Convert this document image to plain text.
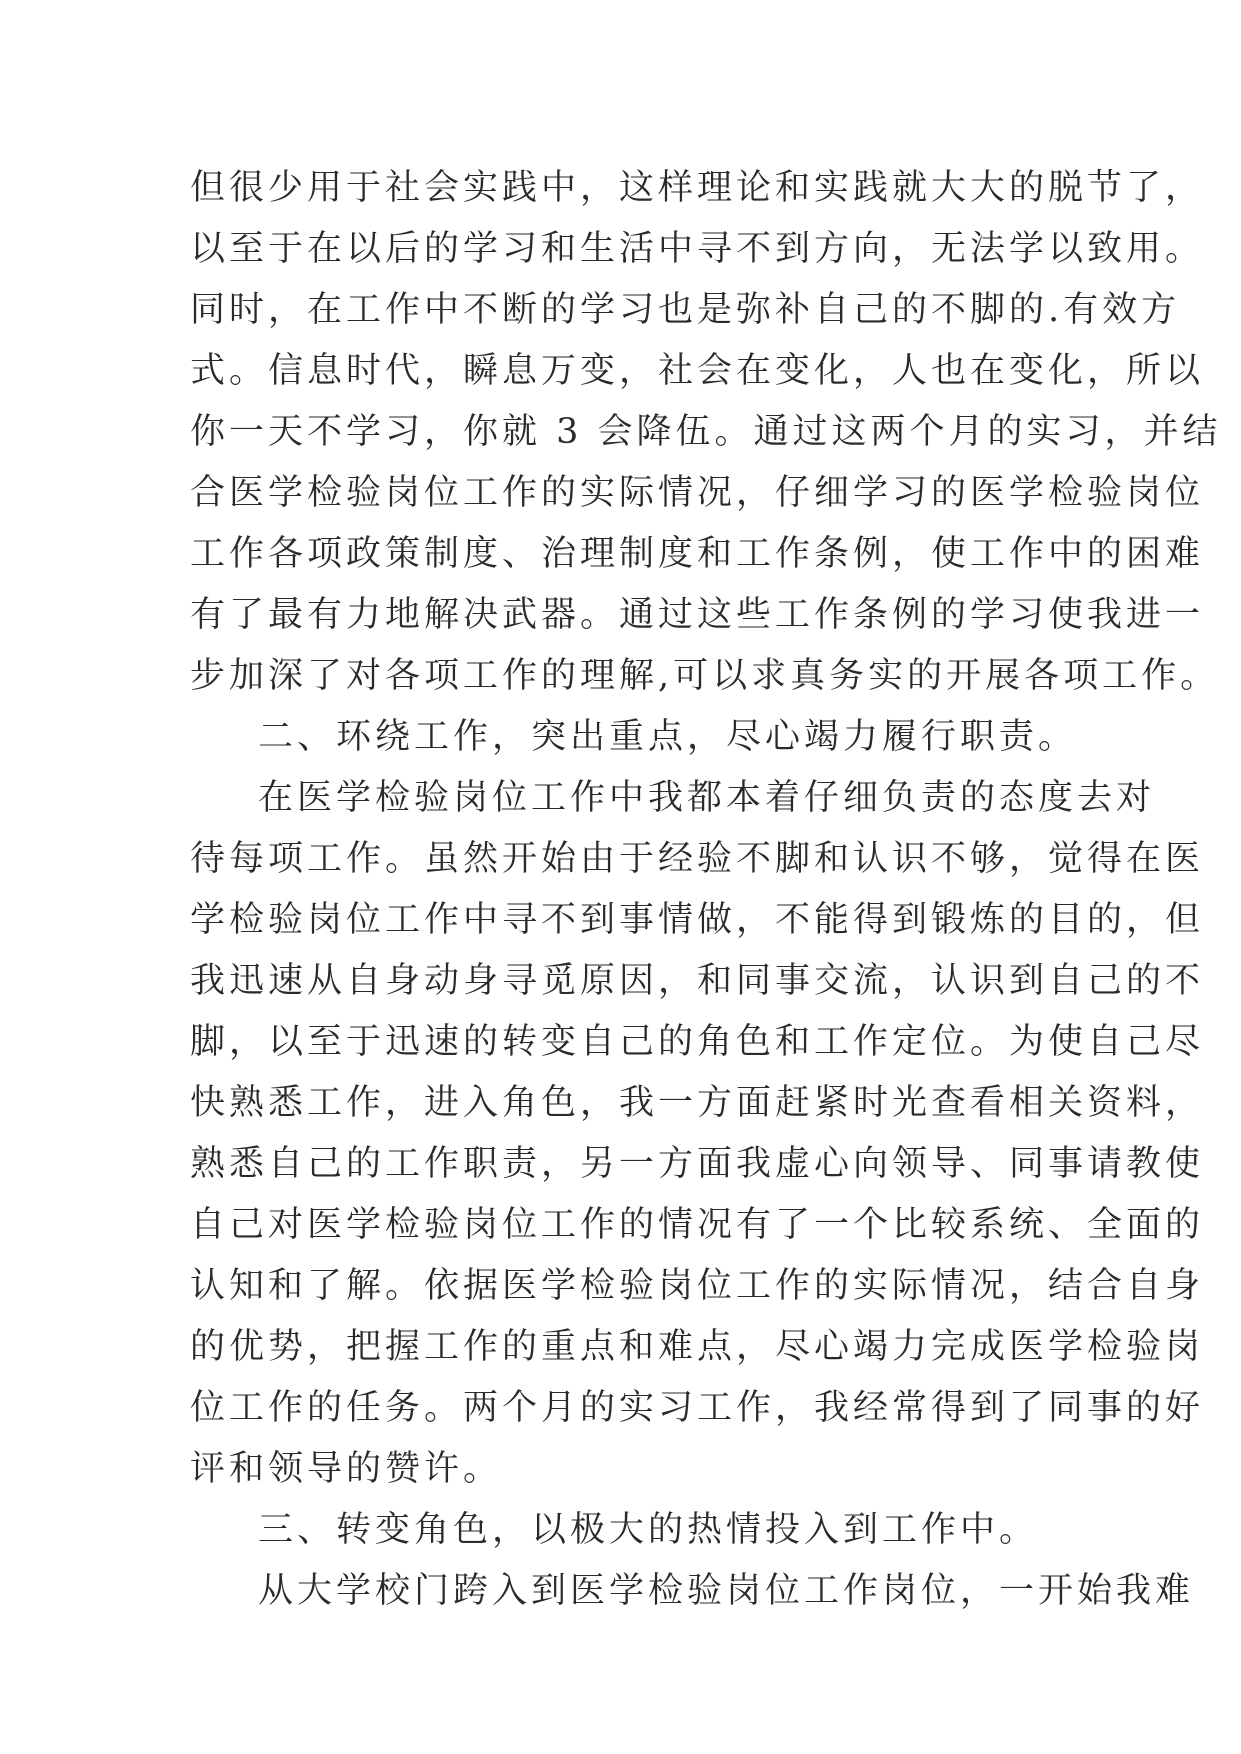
但很少用于社会实践中，这样理论和实践就大大的脱节了，
以至于在以后的学习和生活中寻不到方向，无法学以致用。
同时，在工作中不断的学习也是弥补自己的不脚的.有效方
式。信息时代，瞬息万变，社会在变化，人也在变化，所以
你一天不学习，你就 3 会降伍。通过这两个月的实习，并结
合医学检验岗位工作的实际情况，仔细学习的医学检验岗位
工作各项政策制度、治理制度和工作条例，使工作中的困难
有了最有力地解决武器。通过这些工作条例的学习使我进一
步加深了对各项工作的理解,可以求真务实的开展各项工作。
二、环绕工作，突出重点，尽心竭力履行职责。
在医学检验岗位工作中我都本着仔细负责的态度去对
待每项工作。虽然开始由于经验不脚和认识不够，觉得在医
学检验岗位工作中寻不到事情做，不能得到锻炼的目的，但
我迅速从自身动身寻觅原因，和同事交流，认识到自己的不
脚，以至于迅速的转变自己的角色和工作定位。为使自己尽
快熟悉工作，进入角色，我一方面赶紧时光查看相关资料，
熟悉自己的工作职责，另一方面我虚心向领导、同事请教使
自己对医学检验岗位工作的情况有了一个比较系统、全面的
认知和了解。依据医学检验岗位工作的实际情况，结合自身
的优势，把握工作的重点和难点，尽心竭力完成医学检验岗
位工作的任务。两个月的实习工作，我经常得到了同事的好
评和领导的赞许。
三、转变角色，以极大的热情投入到工作中。
从大学校门跨入到医学检验岗位工作岗位，一开始我难
